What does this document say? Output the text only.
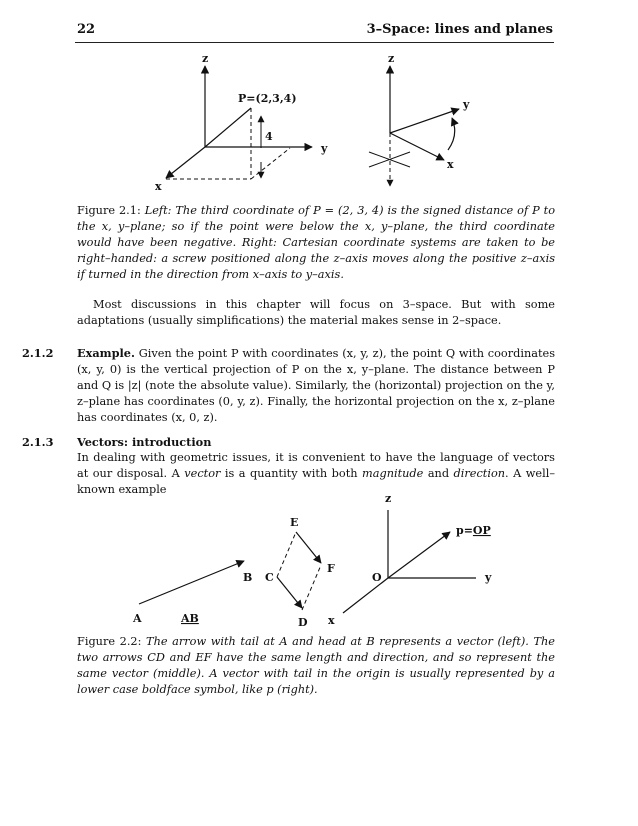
22	3–Space: lines and planes
z
P=(2,3,4)
4
y
x
z
y
x
Figure 2.1: Left: The third coordinate of P = (2, 3, 4) is the signed distance of P to the x, y–plane; so if the point were below the x, y–plane, the third coordinate would have been negative. Right: Cartesian coordinate systems are taken to be right–handed: a screw positioned along the z–axis moves along the positive z–axis if turned in the direction from x–axis to y–axis.
Most discussions in this chapter will focus on 3–space. But with some adaptations (usually simplifications) the material makes sense in 2–space.
2.1.2 Example. Given the point P with coordinates (x, y, z), the point Q with coordinates (x, y, 0) is the vertical projection of P on the x, y–plane. The distance between P and Q is |z| (note the absolute value). Similarly, the (horizontal) projection on the y, z–plane has coordinates (0, y, z). Finally, the horizontal projection on the x, z–plane has coordinates (x, 0, z).
2.1.3 Vectors: introduction
In dealing with geometric issues, it is convenient to have the language of vectors at our disposal. A vector is a quantity with both magnitude and direction. A well–known example
A
B
AB
C
D
E
F
z
O	y
x
p=OP
Figure 2.2: The arrow with tail at A and head at B represents a vector (left). The two arrows CD and EF have the same length and direction, and so represent the same vector (middle). A vector with tail in the origin is usually represented by a lower case boldface symbol, like p (right).
